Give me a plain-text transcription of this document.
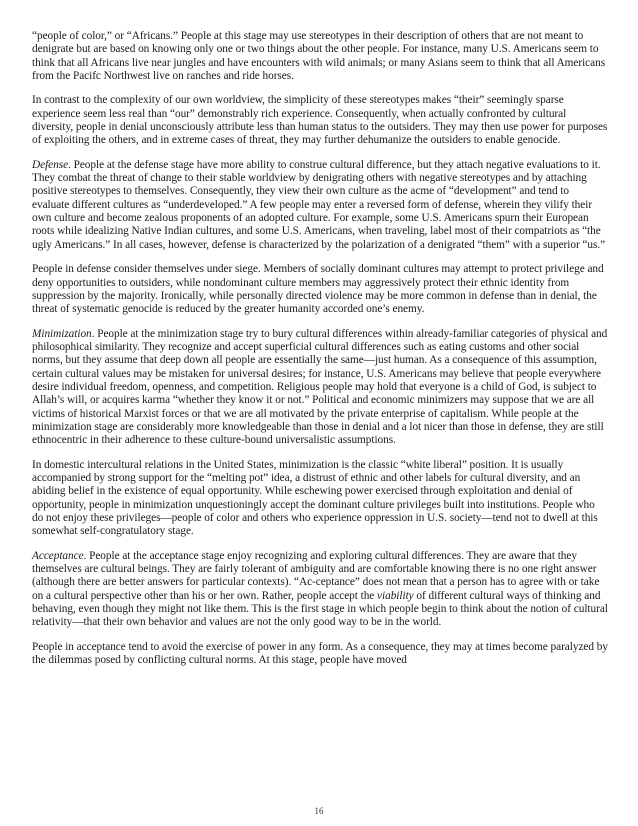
“people of color,” or “Africans.” People at this stage may use stereotypes in their description of others that are not meant to denigrate but are based on knowing only one or two things about the other people. For instance, many U.S. Americans seem to think that all Africans live near jungles and have encounters with wild animals; or many Asians seem to think that all Americans from the Pacifc Northwest live on ranches and ride horses.

In contrast to the complexity of our own worldview, the simplicity of these stereotypes makes “their” seemingly sparse experience seem less real than “our” demonstrably rich experience. Consequently, when actually confronted by cultural diversity, people in denial unconsciously attribute less than human status to the outsiders. They may then use power for purposes of exploiting the others, and in extreme cases of threat, they may further dehumanize the outsiders to enable genocide.

Defense. People at the defense stage have more ability to construe cultural difference, but they attach negative evaluations to it. They combat the threat of change to their stable worldview by denigrating others with negative stereotypes and by attaching positive stereotypes to themselves. Consequently, they view their own culture as the acme of “development” and tend to evaluate different cultures as “underdeveloped.” A few people may enter a reversed form of defense, wherein they vilify their own culture and become zealous proponents of an adopted culture. For example, some U.S. Americans spurn their European roots while idealizing Native Indian cultures, and some U.S. Americans, when traveling, label most of their compatriots as “the ugly Americans.” In all cases, however, defense is characterized by the polarization of a denigrated “them” with a superior “us.”

People in defense consider themselves under siege. Members of socially dominant cultures may attempt to protect privilege and deny opportunities to outsiders, while nondominant culture members may aggressively protect their ethnic identity from suppression by the majority. Ironically, while personally directed violence may be more common in defense than in denial, the threat of systematic genocide is reduced by the greater humanity accorded one’s enemy.

Minimization. People at the minimization stage try to bury cultural differences within already-familiar categories of physical and philosophical similarity. They recognize and accept superficial cultural differences such as eating customs and other social norms, but they assume that deep down all people are essentially the same—just human. As a consequence of this assumption, certain cultural values may be mistaken for universal desires; for instance, U.S. Americans may believe that people everywhere desire individual freedom, openness, and competition. Religious people may hold that everyone is a child of God, is subject to Allah’s will, or acquires karma “whether they know it or not.” Political and economic minimizers may suppose that we are all victims of historical Marxist forces or that we are all motivated by the private enterprise of capitalism. While people at the minimization stage are considerably more knowledgeable than those in denial and a lot nicer than those in defense, they are still ethnocentric in their adherence to these culture-bound universalistic assumptions.

In domestic intercultural relations in the United States, minimization is the classic “white liberal” position. It is usually accompanied by strong support for the “melting pot” idea, a distrust of ethnic and other labels for cultural diversity, and an abiding belief in the existence of equal opportunity. While eschewing power exercised through exploitation and denial of opportunity, people in minimization unquestioningly accept the dominant culture privileges built into institutions. People who do not enjoy these privileges—people of color and others who experience oppression in U.S. society—tend not to dwell at this somewhat self-congratulatory stage.

Acceptance. People at the acceptance stage enjoy recognizing and exploring cultural differences. They are aware that they themselves are cultural beings. They are fairly tolerant of ambiguity and are comfortable knowing there is no one right answer (although there are better answers for particular contexts). “Ac-ceptance” does not mean that a person has to agree with or take on a cultural perspective other than his or her own. Rather, people accept the viability of different cultural ways of thinking and behaving, even though they might not like them. This is the first stage in which people begin to think about the notion of cultural relativity—that their own behavior and values are not the only good way to be in the world.

People in acceptance tend to avoid the exercise of power in any form. As a consequence, they may at times become paralyzed by the dilemmas posed by conflicting cultural norms. At this stage, people have moved

16
